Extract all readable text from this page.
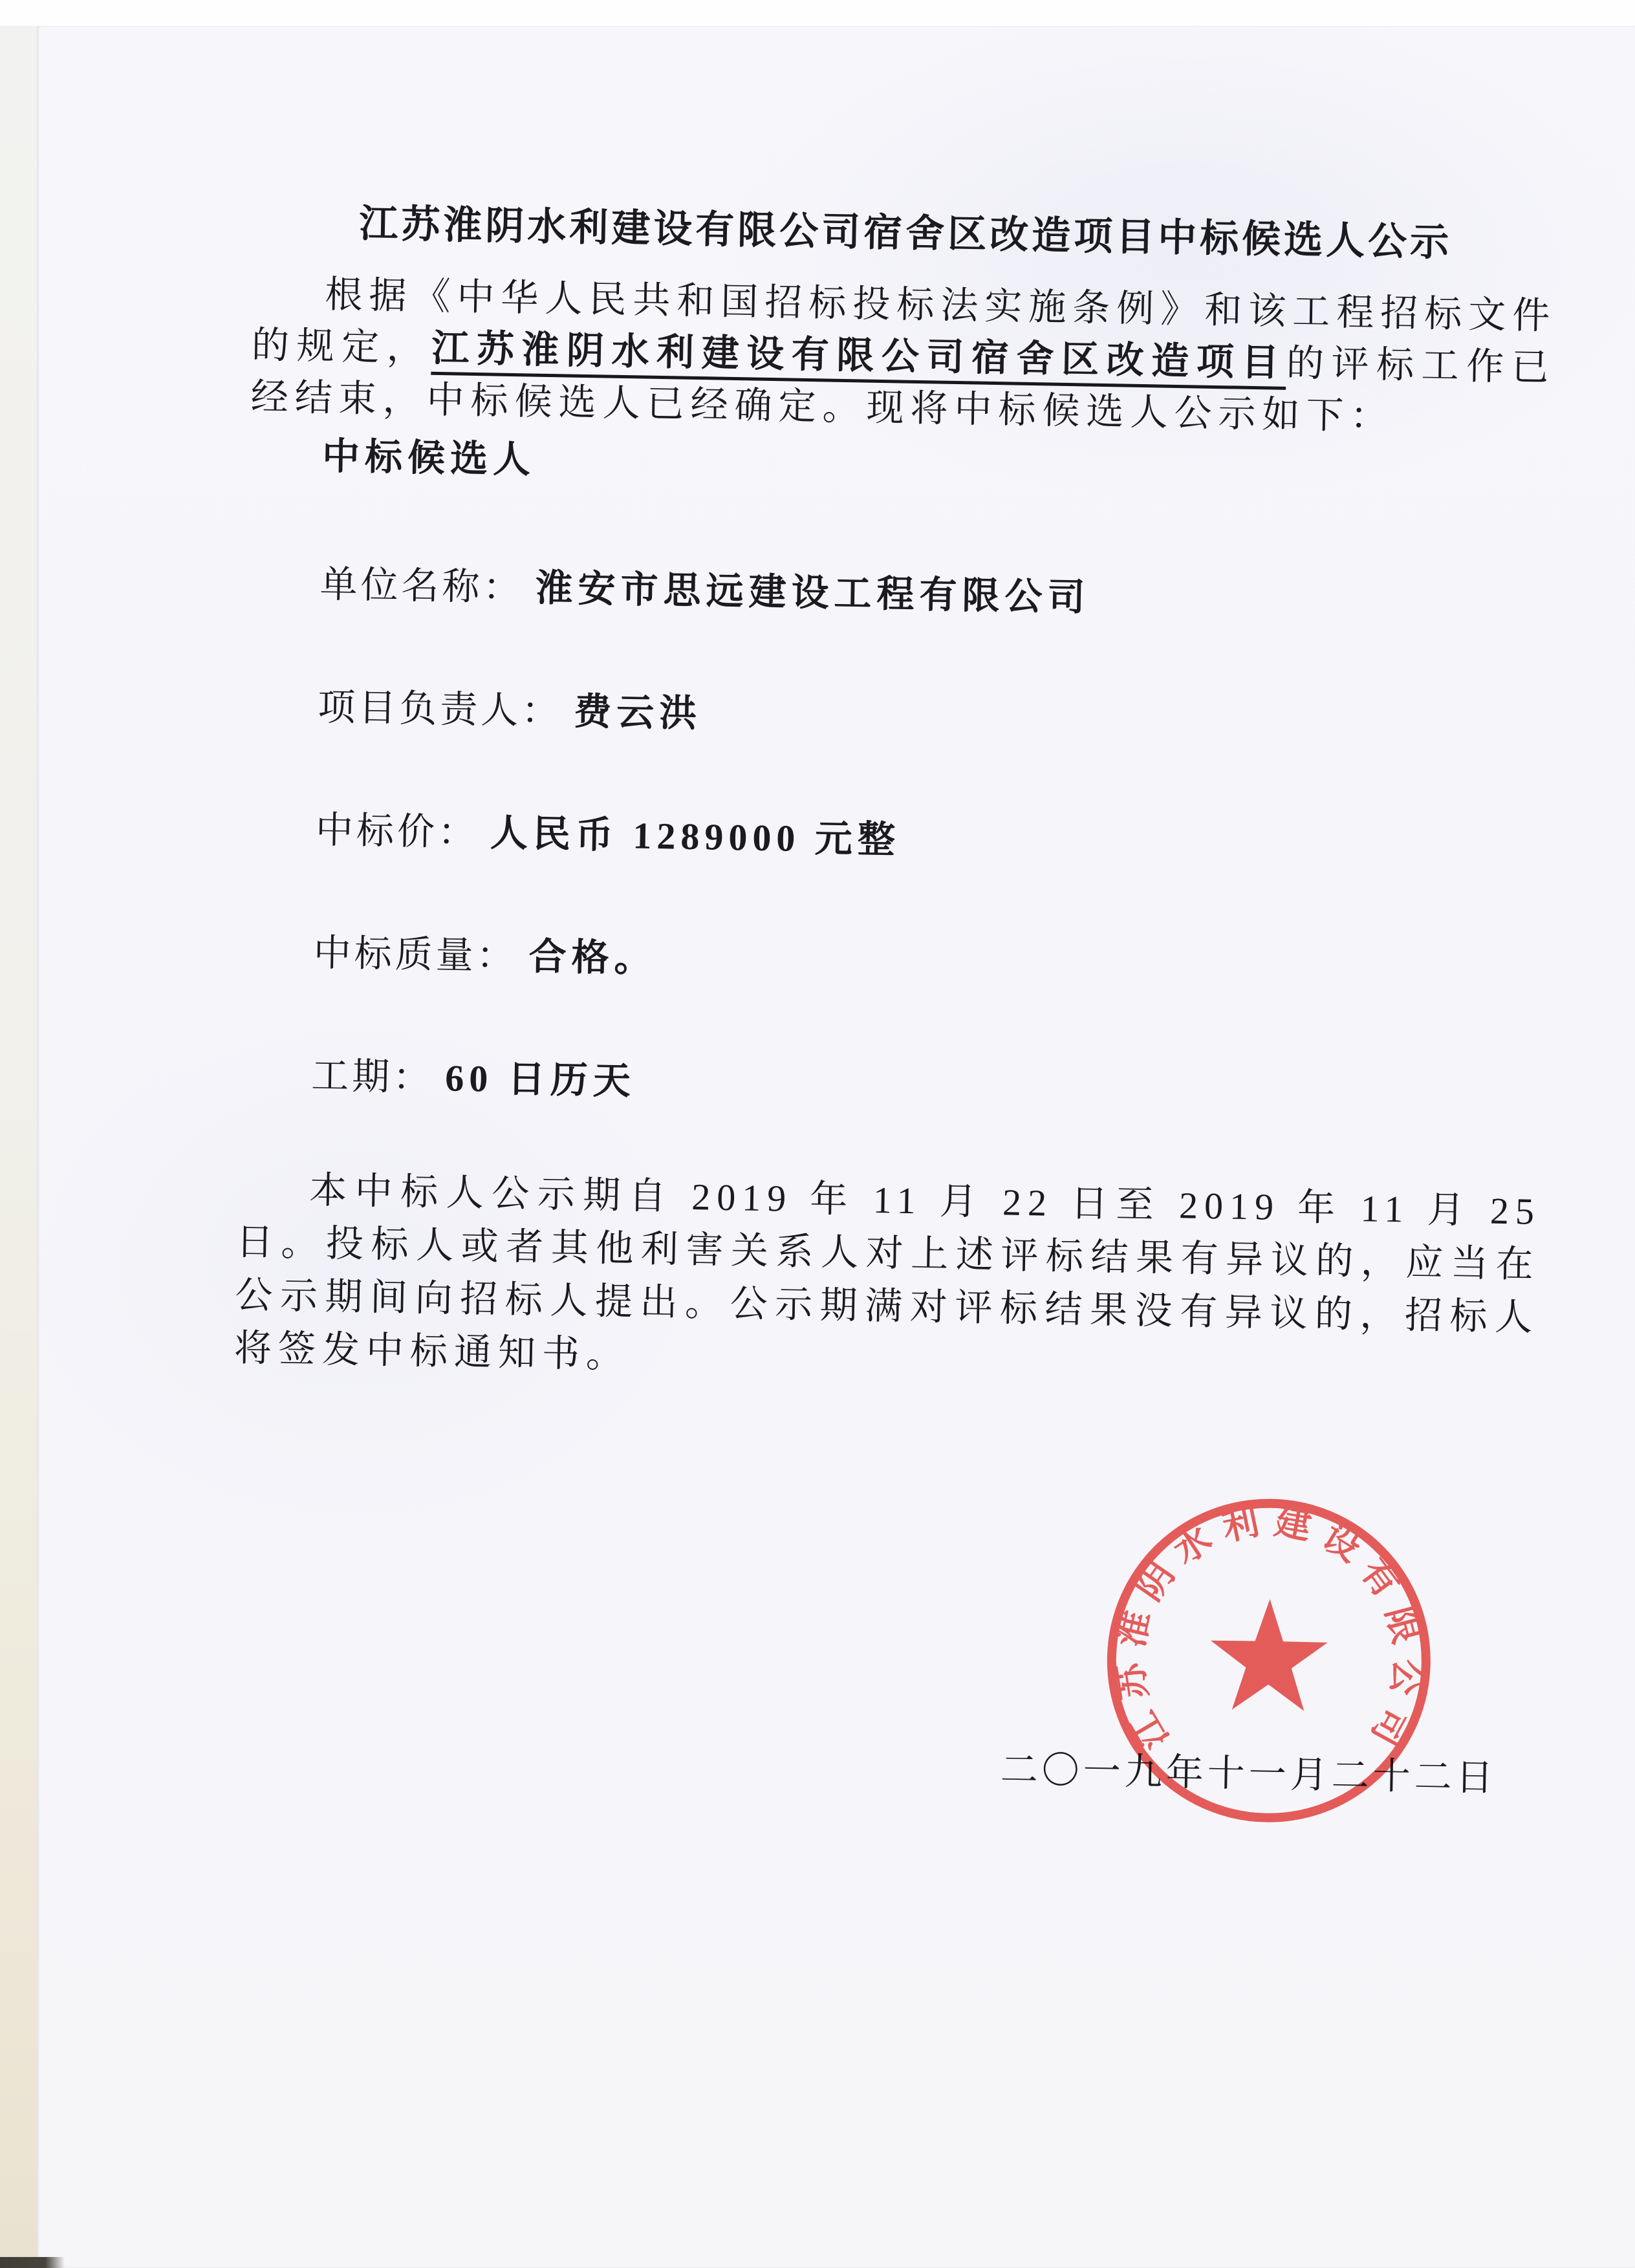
江苏淮阴水利建设有限公司宿舍区改造项目中标候选人公示

根据《中华人民共和国招标投标法实施条例》和该工程招标文件的规定，江苏淮阴水利建设有限公司宿舍区改造项目的评标工作已经结束，中标候选人已经确定。现将中标候选人公示如下：

中标候选人

单位名称： 淮安市思远建设工程有限公司
项目负责人： 费云洪
中标价： 人民币 1289000 元整
中标质量： 合格。
工期： 60 日历天

本中标人公示期自 2019 年 11 月 22 日至 2019 年 11 月 25 日。投标人或者其他利害关系人对上述评标结果有异议的，应当在公示期间向招标人提出。公示期满对评标结果没有异议的，招标人将签发中标通知书。

二〇一九年十一月二十二日
江苏淮阴水利建设有限公司
